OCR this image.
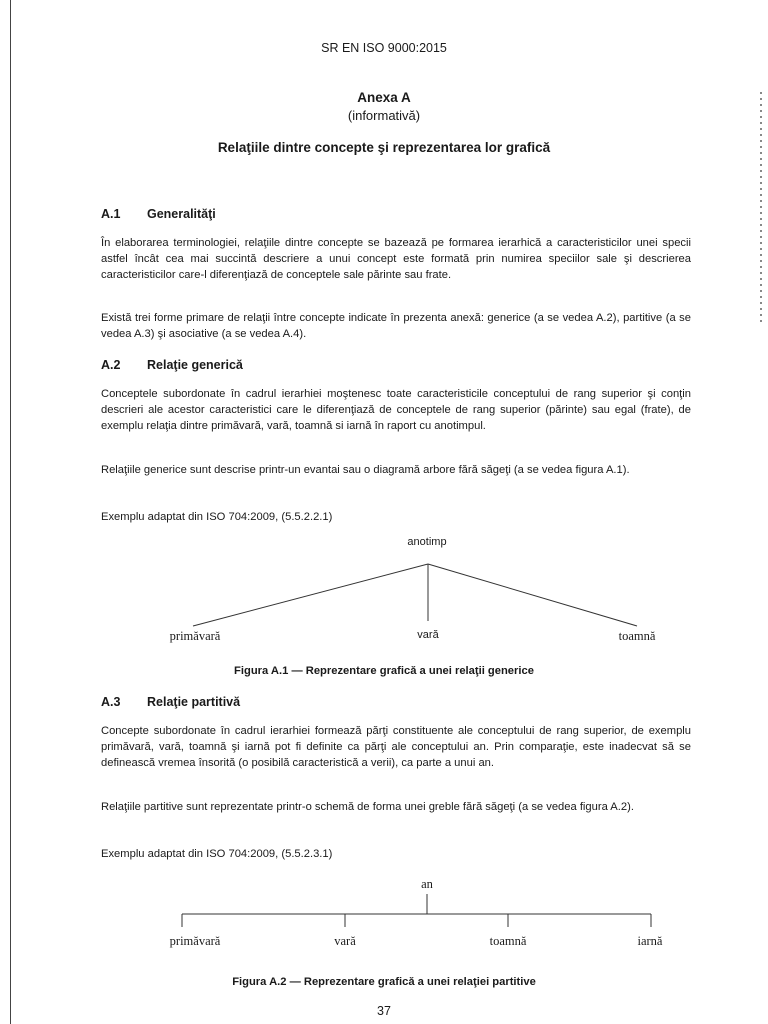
SR EN ISO 9000:2015
Anexa A
(informativă)
Relaţiile dintre concepte şi reprezentarea lor grafică
A.1 Generalităţi
În elaborarea terminologiei, relaţiile dintre concepte se bazează pe formarea ierarhică a caracteristicilor unei specii astfel încât cea mai succintă descriere a unui concept este formată prin numirea speciilor sale şi descrierea caracteristicilor care-l diferenţiază de conceptele sale părinte sau frate.
Există trei forme primare de relaţii între concepte indicate în prezenta anexă: generice (a se vedea A.2), partitive (a se vedea A.3) şi asociative (a se vedea A.4).
A.2 Relaţie generică
Conceptele subordonate în cadrul ierarhiei moştenesc toate caracteristicile conceptului de rang superior şi conţin descrieri ale acestor caracteristici care le diferenţiază de conceptele de rang superior (părinte) sau egal (frate), de exemplu relaţia dintre primăvară, vară, toamnă si iarnă în raport cu anotimpul.
Relaţiile generice sunt descrise printr-un evantai sau o diagramă arbore fără săgeţi (a se vedea figura A.1).
Exemplu adaptat din ISO 704:2009, (5.5.2.2.1)
anotimp
primăvară	vară	toamnă
Figura A.1 — Reprezentare grafică a unei relaţii generice
A.3 Relaţie partitivă
Concepte subordonate în cadrul ierarhiei formează părţi constituente ale conceptului de rang superior, de exemplu primăvară, vară, toamnă şi iarnă pot fi definite ca părţi ale conceptului an. Prin comparaţie, este inadecvat să se definească vremea însorită (o posibilă caracteristică a verii), ca parte a unui an.
Relaţiile partitive sunt reprezentate printr-o schemă de forma unei greble fără săgeţi (a se vedea figura A.2).
Exemplu adaptat din ISO 704:2009, (5.5.2.3.1)
an
primăvară	vară	toamnă	iarnă
Figura A.2 — Reprezentare grafică a unei relaţiei partitive
37
